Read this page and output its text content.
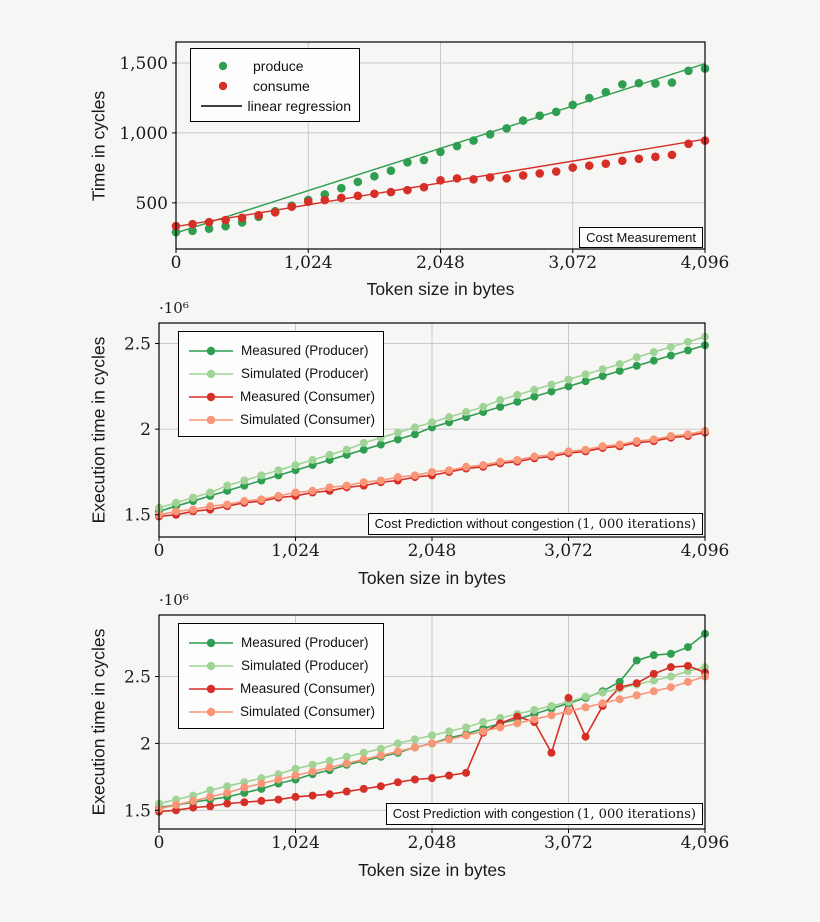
0	1,024	2,048	3,072	4,096
500
1,000
1,500
0	1,024	2,048	3,072	4,096
1.5
2
2.5
0	1,024	2,048	3,072	4,096
1.5
2
2.5
Time in cycles
Token size in bytes
produce
consume
linear regression
Cost Measurement
·10⁶
Execution time in cycles
Token size in bytes
Measured (Producer)
Simulated (Producer)
Measured (Consumer)
Simulated (Consumer)
Cost Prediction without congestion (1, 000 iterations)
·10⁶
Execution time in cycles
Token size in bytes
Measured (Producer)
Simulated (Producer)
Measured (Consumer)
Simulated (Consumer)
Cost Prediction with congestion (1, 000 iterations)
